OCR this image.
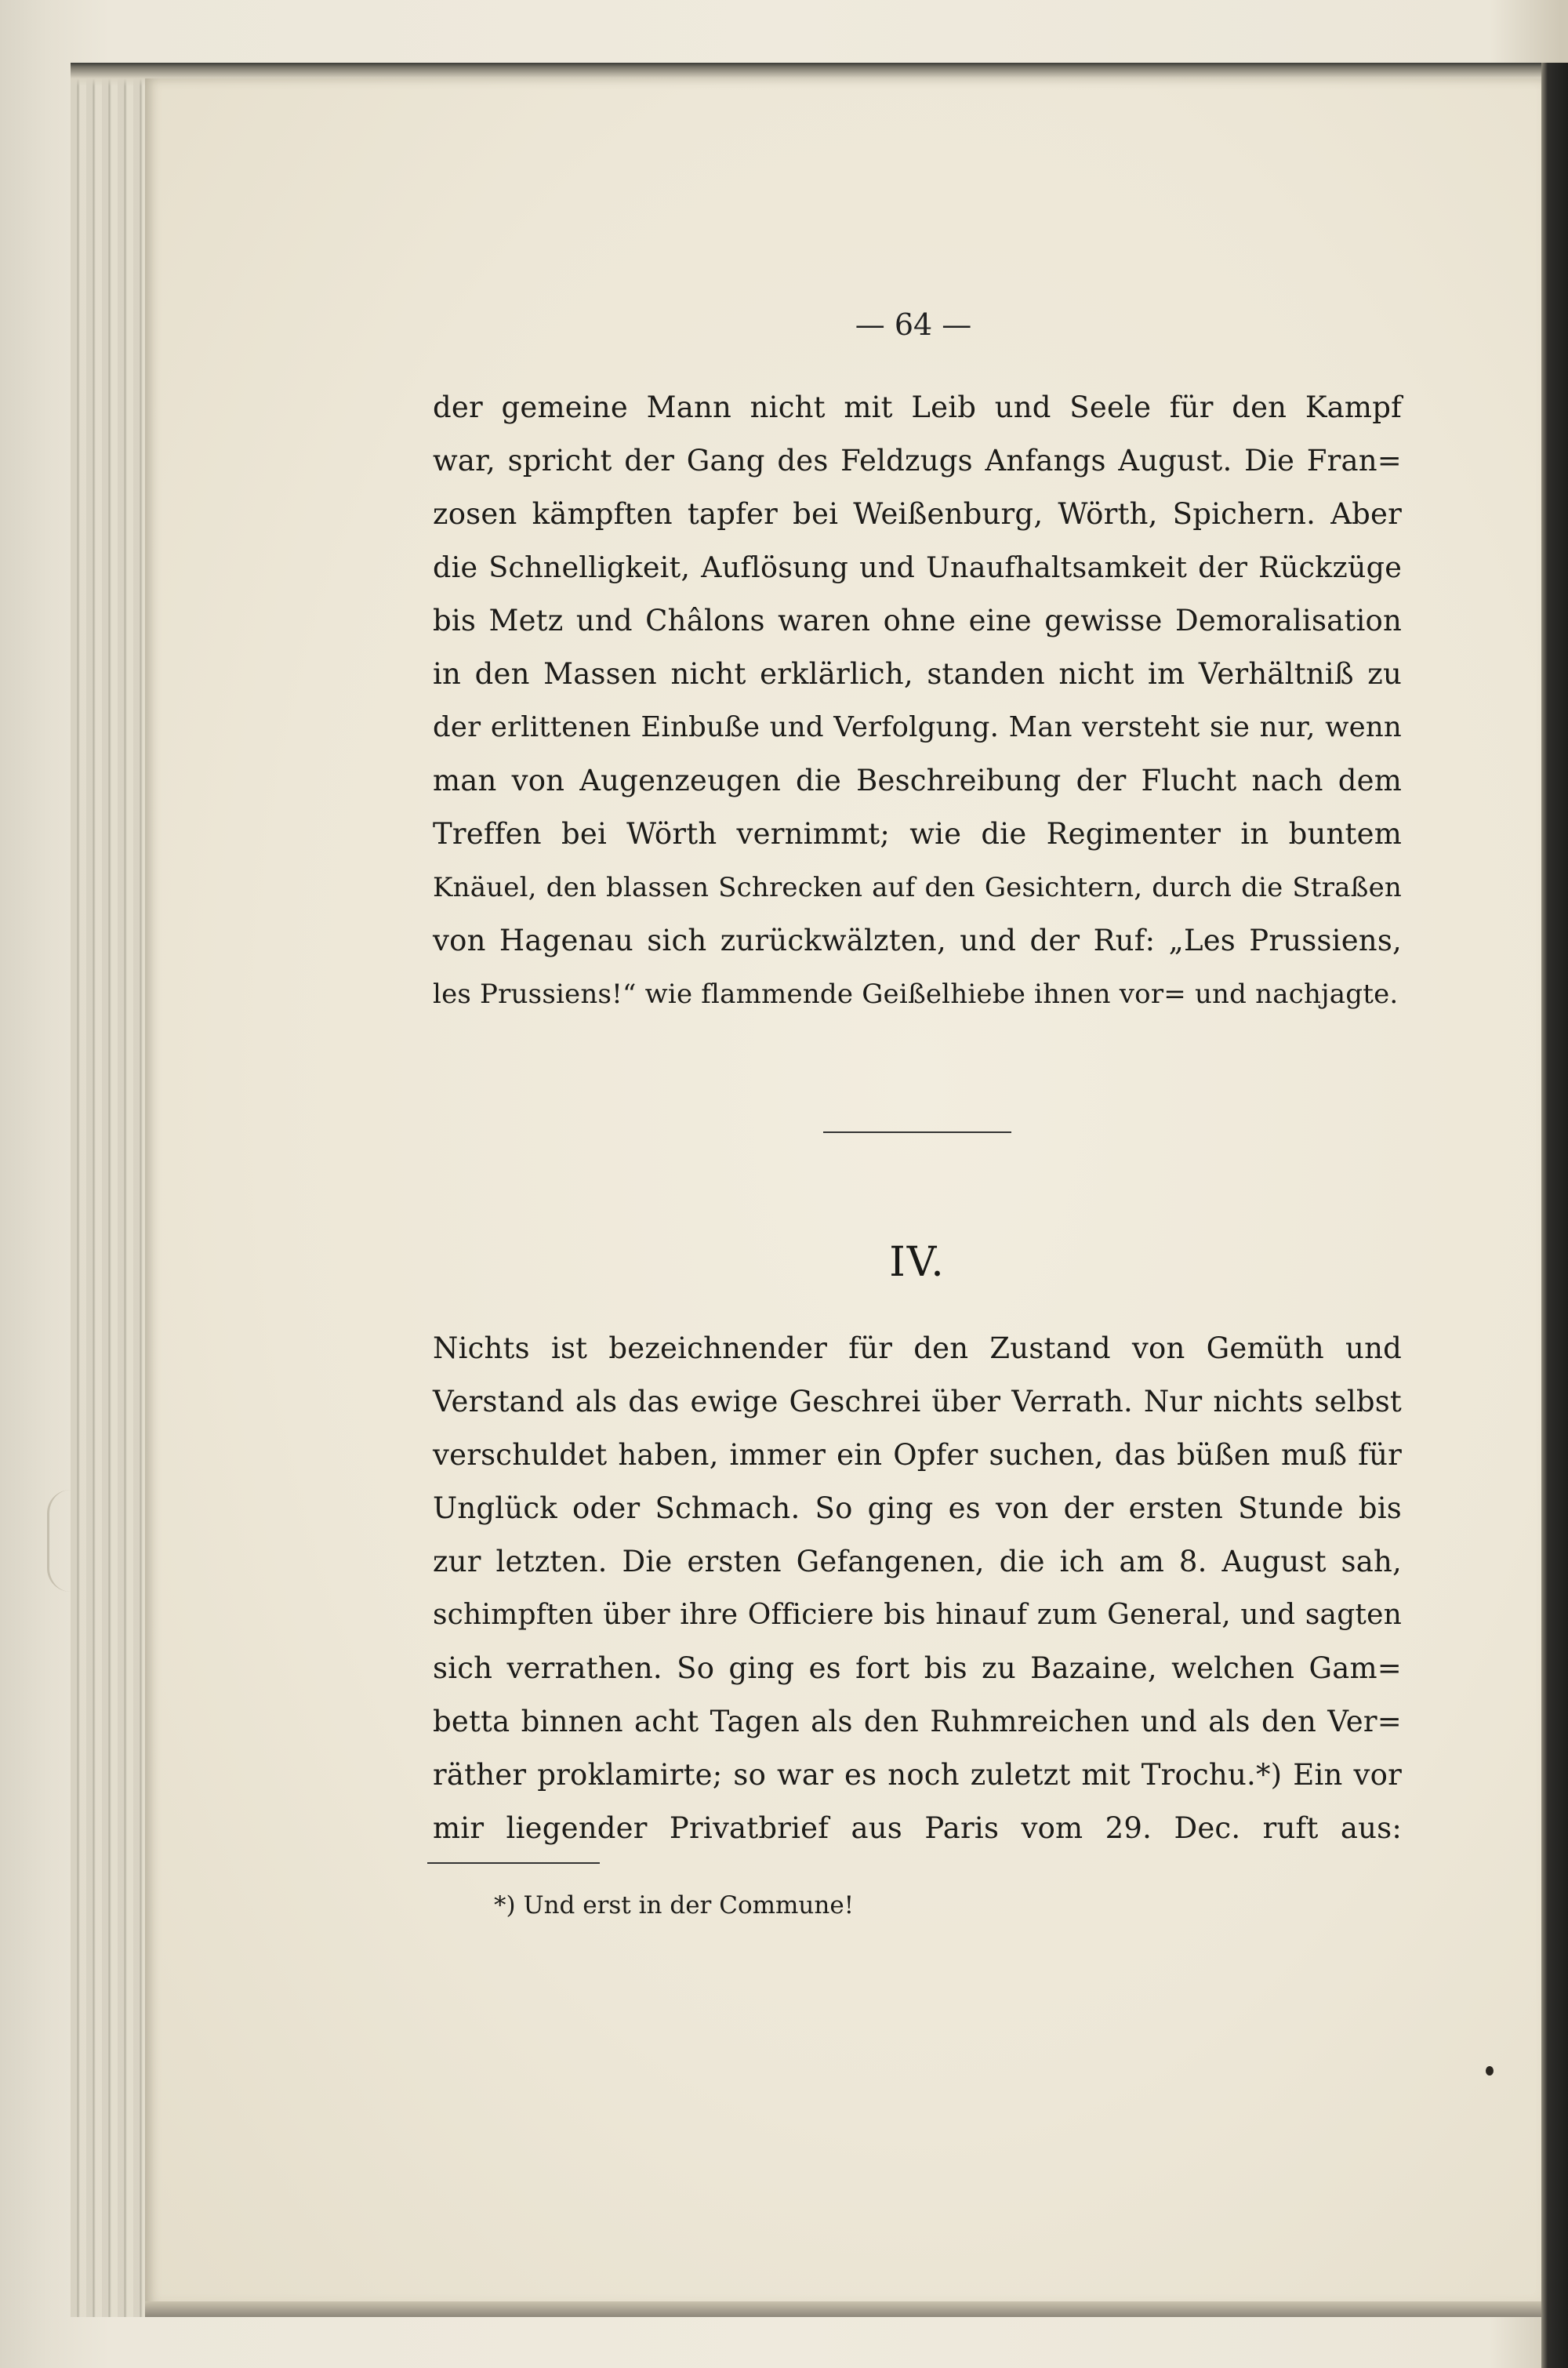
— 64 —
der gemeine Mann nicht mit Leib und Seele für den Kampf
war, spricht der Gang des Feldzugs Anfangs August. Die Fran=
zosen kämpften tapfer bei Weißenburg, Wörth, Spichern. Aber
die Schnelligkeit, Auflösung und Unaufhaltsamkeit der Rückzüge
bis Metz und Châlons waren ohne eine gewisse Demoralisation
in den Massen nicht erklärlich, standen nicht im Verhältniß zu
der erlittenen Einbuße und Verfolgung. Man versteht sie nur, wenn
man von Augenzeugen die Beschreibung der Flucht nach dem
Treffen bei Wörth vernimmt; wie die Regimenter in buntem
Knäuel, den blassen Schrecken auf den Gesichtern, durch die Straßen
von Hagenau sich zurückwälzten, und der Ruf: „Les Prussiens,
les Prussiens!“ wie flammende Geißelhiebe ihnen vor= und nachjagte.
IV.
Nichts ist bezeichnender für den Zustand von Gemüth und
Verstand als das ewige Geschrei über Verrath. Nur nichts selbst
verschuldet haben, immer ein Opfer suchen, das büßen muß für
Unglück oder Schmach. So ging es von der ersten Stunde bis
zur letzten. Die ersten Gefangenen, die ich am 8. August sah,
schimpften über ihre Officiere bis hinauf zum General, und sagten
sich verrathen. So ging es fort bis zu Bazaine, welchen Gam=
betta binnen acht Tagen als den Ruhmreichen und als den Ver=
räther proklamirte; so war es noch zuletzt mit Trochu.*) Ein vor
mir liegender Privatbrief aus Paris vom 29. Dec. ruft aus:
*) Und erst in der Commune!
